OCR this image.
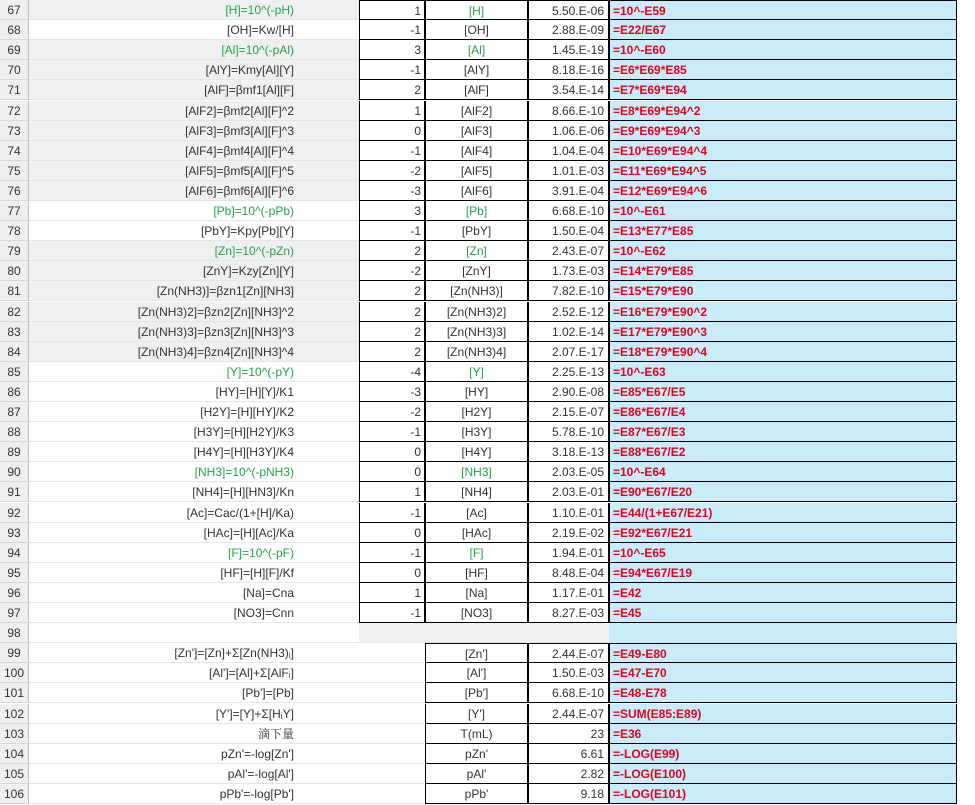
67	[H]=10^(-pH)	1	[H]	5.50.E-06 =10^-E59
68	[OH]=Kw/[H]	-1	[OH]	2.88.E-09 =E22/E67
69	[Al]=10^(-pAl)	3	[Al]	1.45.E-19 =10^-E60
70	[AlY]=Kmy[Al][Y]	-1	[AlY]	8.18.E-16 =E6*E69*E85
71	[AlF]=βmf1[Al][F]	2	[AlF]	3.54.E-14 =E7*E69*E94
72	[AlF2]=βmf2[Al][F]^2	1	[AlF2]	8.66.E-10 =E8*E69*E94^2
73	[AlF3]=βmf3[Al][F]^3	0	[AlF3]	1.06.E-06 =E9*E69*E94^3
74	[AlF4]=βmf4[Al][F]^4	-1	[AlF4]	1.04.E-04 =E10*E69*E94^4
75	[AlF5]=βmf5[Al][F]^5	-2	[AlF5]	1.01.E-03 =E11*E69*E94^5
76	[AlF6]=βmf6[Al][F]^6	-3	[AlF6]	3.91.E-04 =E12*E69*E94^6
77	[Pb]=10^(-pPb)	3	[Pb]	6.68.E-10 =10^-E61
78	[PbY]=Kpy[Pb][Y]	-1	[PbY]	1.50.E-04 =E13*E77*E85
79	[Zn]=10^(-pZn)	2	[Zn]	2.43.E-07 =10^-E62
80	[ZnY]=Kzy[Zn][Y]	-2	[ZnY]	1.73.E-03 =E14*E79*E85
81	[Zn(NH3)]=βzn1[Zn][NH3]	2	[Zn(NH3)]	7.82.E-10 =E15*E79*E90
82	[Zn(NH3)2]=βzn2[Zn][NH3]^2	2	[Zn(NH3)2]	2.52.E-12 =E16*E79*E90^2
83	[Zn(NH3)3]=βzn3[Zn][NH3]^3	2	[Zn(NH3)3]	1.02.E-14 =E17*E79*E90^3
84	[Zn(NH3)4]=βzn4[Zn][NH3]^4	2	[Zn(NH3)4]	2.07.E-17 =E18*E79*E90^4
85	[Y]=10^(-pY)	-4	[Y]	2.25.E-13 =10^-E63
86	[HY]=[H][Y]/K1	-3	[HY]	2.90.E-08 =E85*E67/E5
87	[H2Y]=[H][HY]/K2	-2	[H2Y]	2.15.E-07 =E86*E67/E4
88	[H3Y]=[H][H2Y]/K3	-1	[H3Y]	5.78.E-10 =E87*E67/E3
89	[H4Y]=[H][H3Y]/K4	0	[H4Y]	3.18.E-13 =E88*E67/E2
90	[NH3]=10^(-pNH3)	0	[NH3]	2.03.E-05 =10^-E64
91	[NH4]=[H][HN3]/Kn	1	[NH4]	2.03.E-01 =E90*E67/E20
92	[Ac]=Cac/(1+[H]/Ka)	-1	[Ac]	1.10.E-01 =E44/(1+E67/E21)
93	[HAc]=[H][Ac]/Ka	0	[HAc]	2.19.E-02 =E92*E67/E21
94	[F]=10^(-pF)	-1	[F]	1.94.E-01 =10^-E65
95	[HF]=[H][F]/Kf	0	[HF]	8.48.E-04 =E94*E67/E19
96	[Na]=Cna	1	[Na]	1.17.E-01 =E42
97	[NO3]=Cnn	-1	[NO3]	8.27.E-03 =E45
98
99	[Zn']=[Zn]+Σ[Zn(NH3)ᵢ]	[Zn']	2.44.E-07 =E49-E80
100	[Al']=[Al]+Σ[AlFᵢ]	[Al']	1.50.E-03 =E47-E70
101	[Pb']=[Pb]	[Pb']	6.68.E-10 =E48-E78
102	[Y']=[Y]+Σ[HᵢY]	[Y']	2.44.E-07 =SUM(E85:E89)
103	滴下量	T(mL)	23 =E36
104	pZn'=-log[Zn']	pZn'	6.61 =-LOG(E99)
105	pAl'=-log[Al']	pAl'	2.82 =-LOG(E100)
106	pPb'=-log[Pb']	pPb'	9.18 =-LOG(E101)
